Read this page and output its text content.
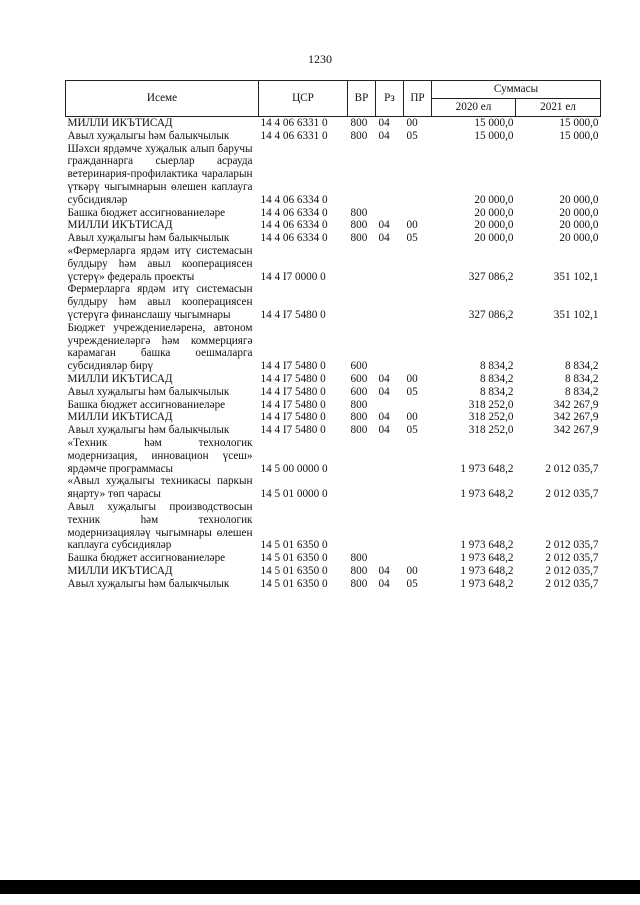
1230
Исеме	ЦСР	ВР	Рз	ПР	Суммасы	
					2020 ел	2021 ел
МИЛЛИ ИКЪТИСАД	14 4 06 6331 0	800	04	00	15 000,0	15 000,0
Авыл хуҗалыгы һәм балыкчылык	14 4 06 6331 0	800	04	05	15 000,0	15 000,0
Шәхси ярдәмче хуҗалык алып баручы гражданнарга сыерлар асрауда ветеринария-профилактика чараларын үткәрү чыгымнарын өлешен каплауга субсидияләр	14 4 06 6334 0				20 000,0	20 000,0
Башка бюджет ассигнованиеләре	14 4 06 6334 0	800			20 000,0	20 000,0
МИЛЛИ ИКЪТИСАД	14 4 06 6334 0	800	04	00	20 000,0	20 000,0
Авыл хуҗалыгы һәм балыкчылык	14 4 06 6334 0	800	04	05	20 000,0	20 000,0
«Фермерларга ярдәм итү системасын булдыру һәм авыл кооперациясен үстерү» федераль проекты	14 4 I7 0000 0				327 086,2	351 102,1
Фермерларга ярдәм итү системасын булдыру һәм авыл кооперациясен үстерүгә финанслашу чыгымнары	14 4 I7 5480 0				327 086,2	351 102,1
Бюджет учреждениеләренә, автоном учреждениеләргә һәм коммерциягә карамаган башка оешмаларга субсидияләр бирү	14 4 I7 5480 0	600			8 834,2	8 834,2
МИЛЛИ ИКЪТИСАД	14 4 I7 5480 0	600	04	00	8 834,2	8 834,2
Авыл хуҗалыгы һәм балыкчылык	14 4 I7 5480 0	600	04	05	8 834,2	8 834,2
Башка бюджет ассигнованиеләре	14 4 I7 5480 0	800			318 252,0	342 267,9
МИЛЛИ ИКЪТИСАД	14 4 I7 5480 0	800	04	00	318 252,0	342 267,9
Авыл хуҗалыгы һәм балыкчылык	14 4 I7 5480 0	800	04	05	318 252,0	342 267,9
«Техник һәм технологик модернизация, инновацион үсеш» ярдәмче программасы	14 5 00 0000 0				1 973 648,2	2 012 035,7
«Авыл хуҗалыгы техникасы паркын яңарту» төп чарасы	14 5 01 0000 0				1 973 648,2	2 012 035,7
Авыл хуҗалыгы производствосын техник һәм технологик модернизацияләү чыгымнары өлешен каплауга субсидияләр	14 5 01 6350 0				1 973 648,2	2 012 035,7
Башка бюджет ассигнованиеләре	14 5 01 6350 0	800			1 973 648,2	2 012 035,7
МИЛЛИ ИКЪТИСАД	14 5 01 6350 0	800	04	00	1 973 648,2	2 012 035,7
Авыл хуҗалыгы һәм балыкчылык	14 5 01 6350 0	800	04	05	1 973 648,2	2 012 035,7
